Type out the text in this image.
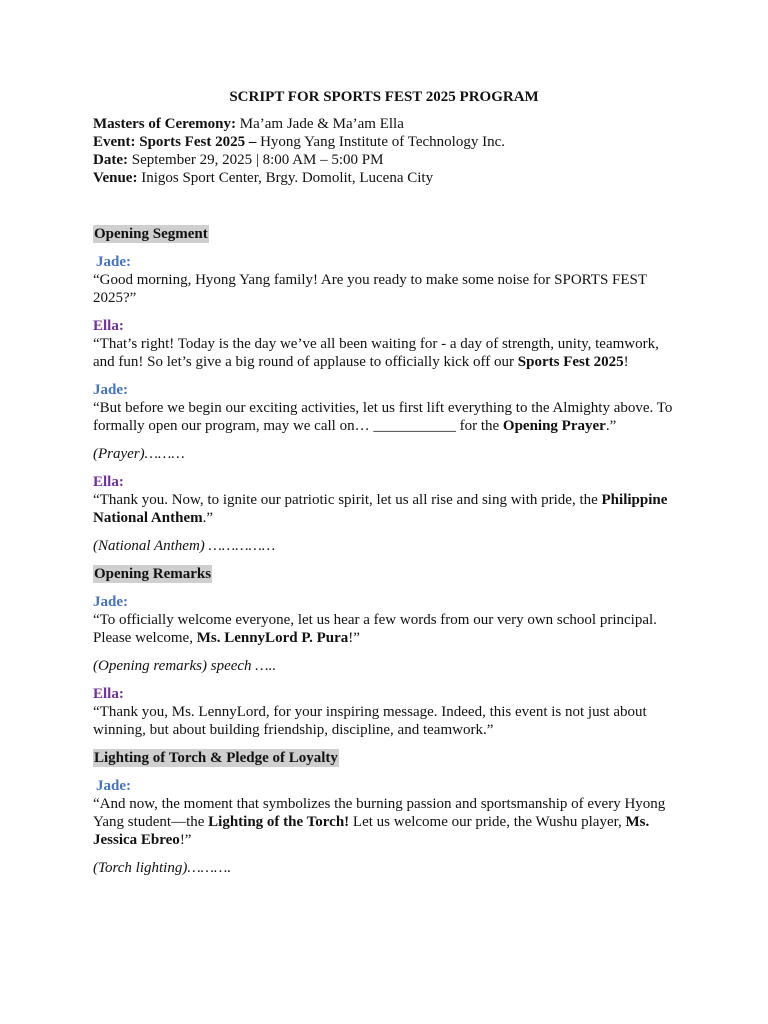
SCRIPT FOR SPORTS FEST 2025 PROGRAM
Masters of Ceremony: Ma’am Jade & Ma’am Ella
Event: Sports Fest 2025 – Hyong Yang Institute of Technology Inc.
Date: September 29, 2025 | 8:00 AM – 5:00 PM
Venue: Inigos Sport Center, Brgy. Domolit, Lucena City
Opening Segment
Jade:
“Good morning, Hyong Yang family! Are you ready to make some noise for SPORTS FEST 2025?”
Ella:
“That’s right! Today is the day we’ve all been waiting for - a day of strength, unity, teamwork, and fun! So let’s give a big round of applause to officially kick off our Sports Fest 2025!
Jade:
“But before we begin our exciting activities, let us first lift everything to the Almighty above. To formally open our program, may we call on… ___________ for the Opening Prayer.”
(Prayer)………
Ella:
“Thank you. Now, to ignite our patriotic spirit, let us all rise and sing with pride, the Philippine National Anthem.”
(National Anthem) ……………
Opening Remarks
Jade:
“To officially welcome everyone, let us hear a few words from our very own school principal. Please welcome, Ms. LennyLord P. Pura!”
(Opening remarks) speech …..
Ella:
“Thank you, Ms. LennyLord, for your inspiring message. Indeed, this event is not just about winning, but about building friendship, discipline, and teamwork.”
Lighting of Torch & Pledge of Loyalty
Jade:
“And now, the moment that symbolizes the burning passion and sportsmanship of every Hyong Yang student—the Lighting of the Torch! Let us welcome our pride, the Wushu player, Ms. Jessica Ebreo!”
(Torch lighting)……….
